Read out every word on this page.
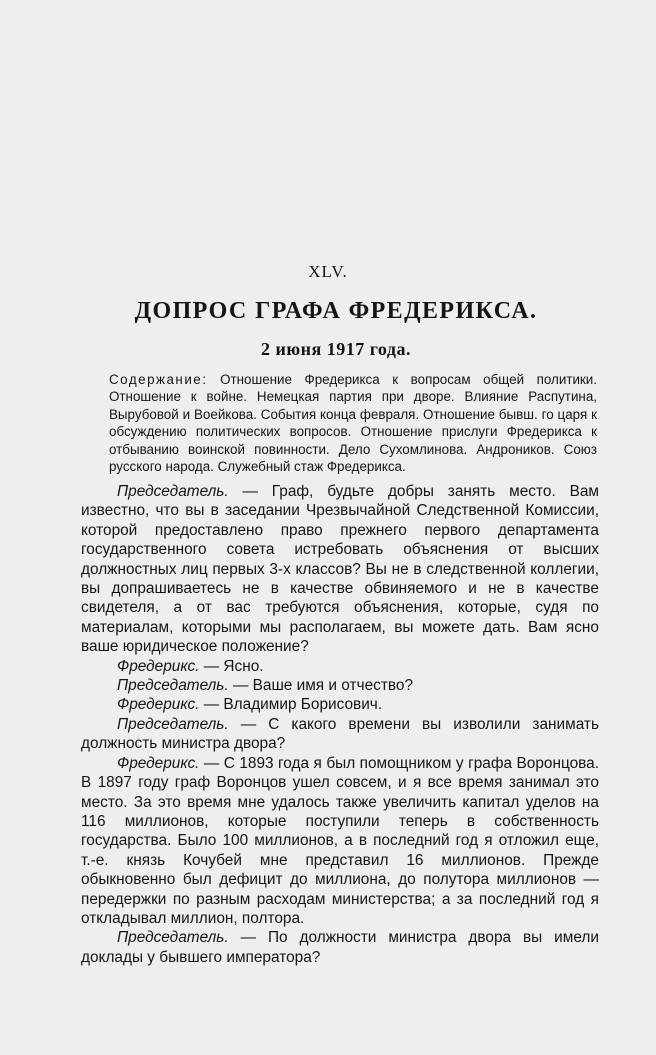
XLV.
ДОПРОС ГРАФА ФРЕДЕРИКСА.
2 июня 1917 года.
Содержание: Отношение Фредерикса к вопросам общей политики. Отношение к войне. Немецкая партия при дворе. Влияние Распутина, Вырубовой и Воейкова. События конца февраля. Отношение бывш. го царя к обсуждению политических вопросов. Отношение прислуги Фредерикса к отбыванию воинской повинности. Дело Сухомлинова. Андроников. Союз русского народа. Служебный стаж Фредерикса.

Председатель. — Граф, будьте добры занять место. Вам известно, что вы в заседании Чрезвычайной Следственной Комиссии, которой предоставлено право прежнего первого департамента государственного совета истребовать объяснения от высших должностных лиц первых 3-х классов? Вы не в следственной коллегии, вы допрашиваетесь не в качестве обвиняемого и не в качестве свидетеля, а от вас требуются объяснения, которые, судя по материалам, которыми мы располагаем, вы можете дать. Вам ясно ваше юридическое положение?

Фредерикс. — Ясно.

Председатель. — Ваше имя и отчество?

Фредерикс. — Владимир Борисович.

Председатель. — С какого времени вы изволили занимать должность министра двора?

Фредерикс. — С 1893 года я был помощником у графа Воронцова. В 1897 году граф Воронцов ушел совсем, и я все время занимал это место. За это время мне удалось также увеличить капитал уделов на 116 миллионов, которые поступили теперь в собственность государства. Было 100 миллионов, а в последний год я отложил еще, т.-е. князь Кочубей мне представил 16 миллионов. Прежде обыкновенно был дефицит до миллиона, до полутора миллионов — передержки по разным расходам министерства; а за последний год я откладывал миллион, полтора.

Председатель. — По должности министра двора вы имели доклады у бывшего императора?
